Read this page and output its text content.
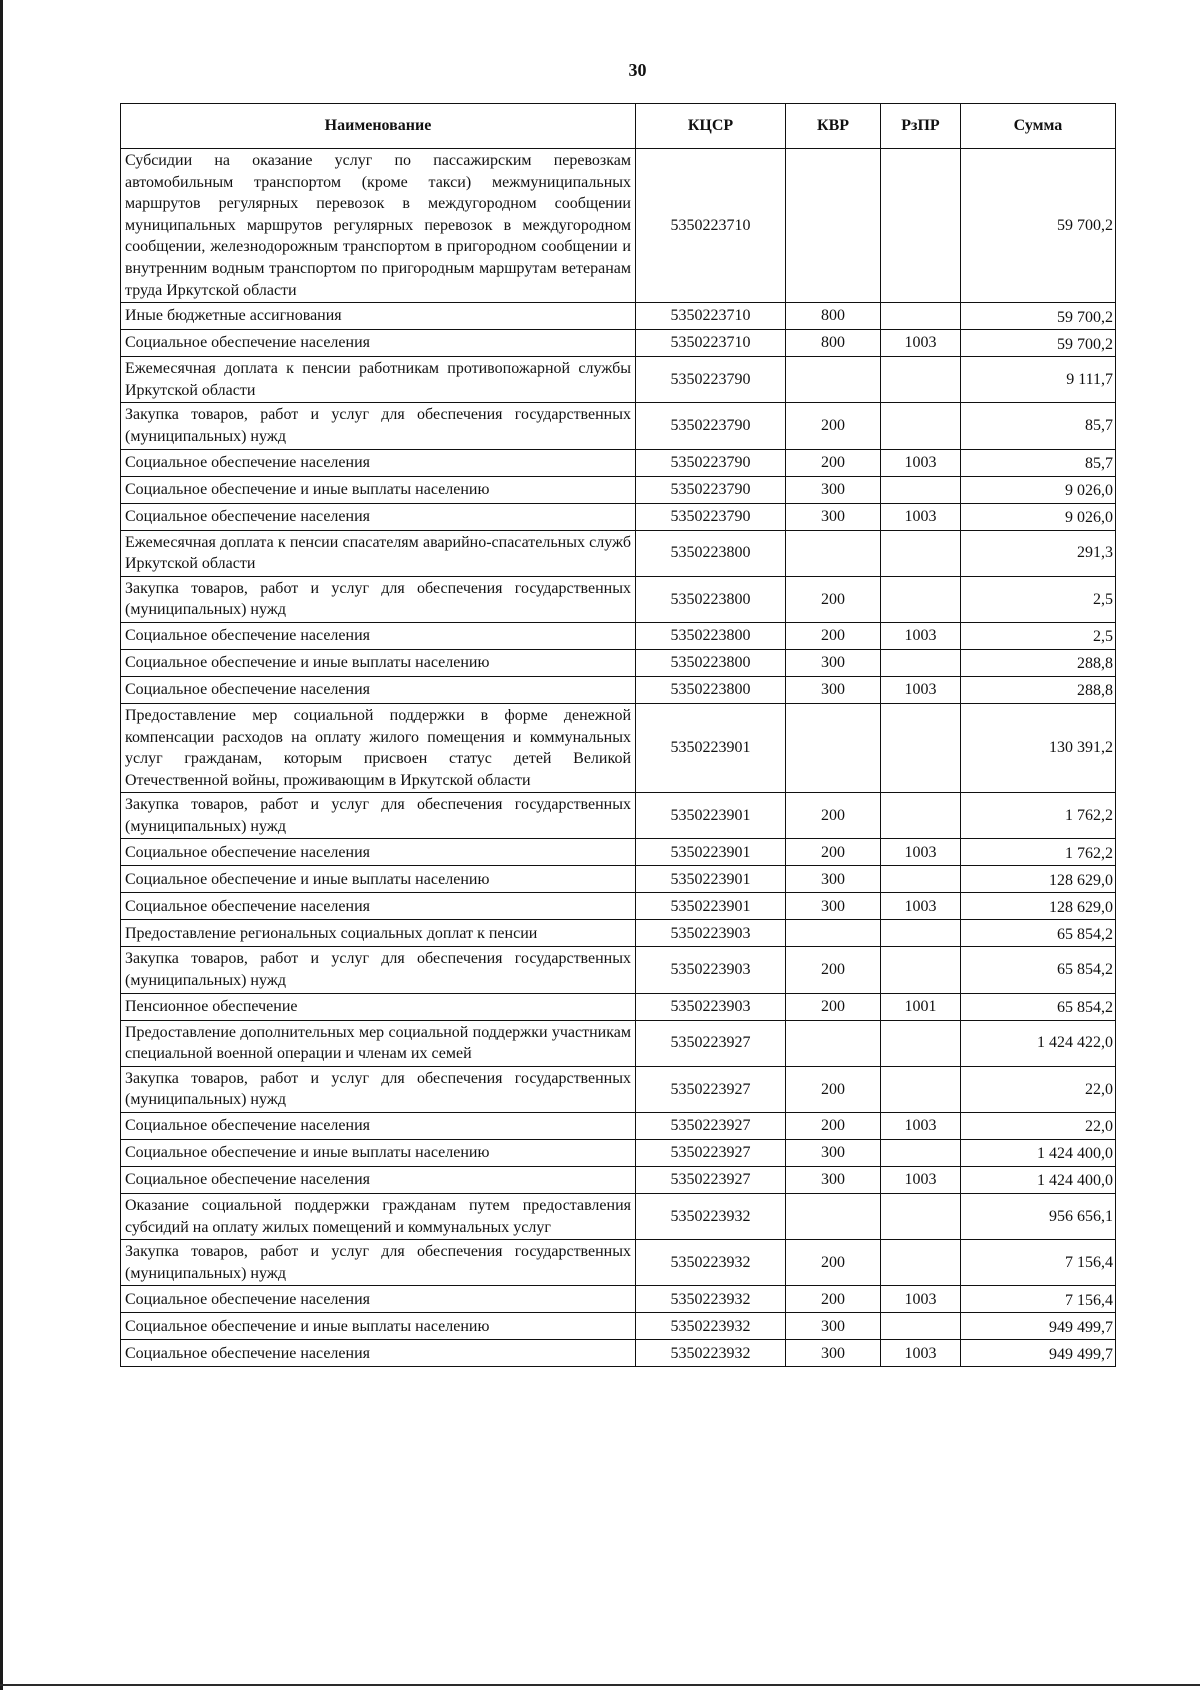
30
Наименование	КЦСР	КВР	РзПР	Сумма
Субсидии на оказание услуг по пассажирским перевозкам автомобильным транспортом (кроме такси) межмуниципальных маршрутов регулярных перевозок в междугородном сообщении муниципальных маршрутов регулярных перевозок в междугородном сообщении, железнодорожным транспортом в пригородном сообщении и внутренним водным транспортом по пригородным маршрутам ветеранам труда Иркутской области	5350223710			59 700,2
Иные бюджетные ассигнования	5350223710	800		59 700,2
Социальное обеспечение населения	5350223710	800	1003	59 700,2
Ежемесячная доплата к пенсии работникам противопожарной службы Иркутской области	5350223790			9 111,7
Закупка товаров, работ и услуг для обеспечения государственных (муниципальных) нужд	5350223790	200		85,7
Социальное обеспечение населения	5350223790	200	1003	85,7
Социальное обеспечение и иные выплаты населению	5350223790	300		9 026,0
Социальное обеспечение населения	5350223790	300	1003	9 026,0
Ежемесячная доплата к пенсии спасателям аварийно-спасательных служб Иркутской области	5350223800			291,3
Закупка товаров, работ и услуг для обеспечения государственных (муниципальных) нужд	5350223800	200		2,5
Социальное обеспечение населения	5350223800	200	1003	2,5
Социальное обеспечение и иные выплаты населению	5350223800	300		288,8
Социальное обеспечение населения	5350223800	300	1003	288,8
Предоставление мер социальной поддержки в форме денежной компенсации расходов на оплату жилого помещения и коммунальных услуг гражданам, которым присвоен статус детей Великой Отечественной войны, проживающим в Иркутской области	5350223901			130 391,2
Закупка товаров, работ и услуг для обеспечения государственных (муниципальных) нужд	5350223901	200		1 762,2
Социальное обеспечение населения	5350223901	200	1003	1 762,2
Социальное обеспечение и иные выплаты населению	5350223901	300		128 629,0
Социальное обеспечение населения	5350223901	300	1003	128 629,0
Предоставление региональных социальных доплат к пенсии	5350223903			65 854,2
Закупка товаров, работ и услуг для обеспечения государственных (муниципальных) нужд	5350223903	200		65 854,2
Пенсионное обеспечение	5350223903	200	1001	65 854,2
Предоставление дополнительных мер социальной поддержки участникам специальной военной операции и членам их семей	5350223927			1 424 422,0
Закупка товаров, работ и услуг для обеспечения государственных (муниципальных) нужд	5350223927	200		22,0
Социальное обеспечение населения	5350223927	200	1003	22,0
Социальное обеспечение и иные выплаты населению	5350223927	300		1 424 400,0
Социальное обеспечение населения	5350223927	300	1003	1 424 400,0
Оказание социальной поддержки гражданам путем предоставления субсидий на оплату жилых помещений и коммунальных услуг	5350223932			956 656,1
Закупка товаров, работ и услуг для обеспечения государственных (муниципальных) нужд	5350223932	200		7 156,4
Социальное обеспечение населения	5350223932	200	1003	7 156,4
Социальное обеспечение и иные выплаты населению	5350223932	300		949 499,7
Социальное обеспечение населения	5350223932	300	1003	949 499,7
